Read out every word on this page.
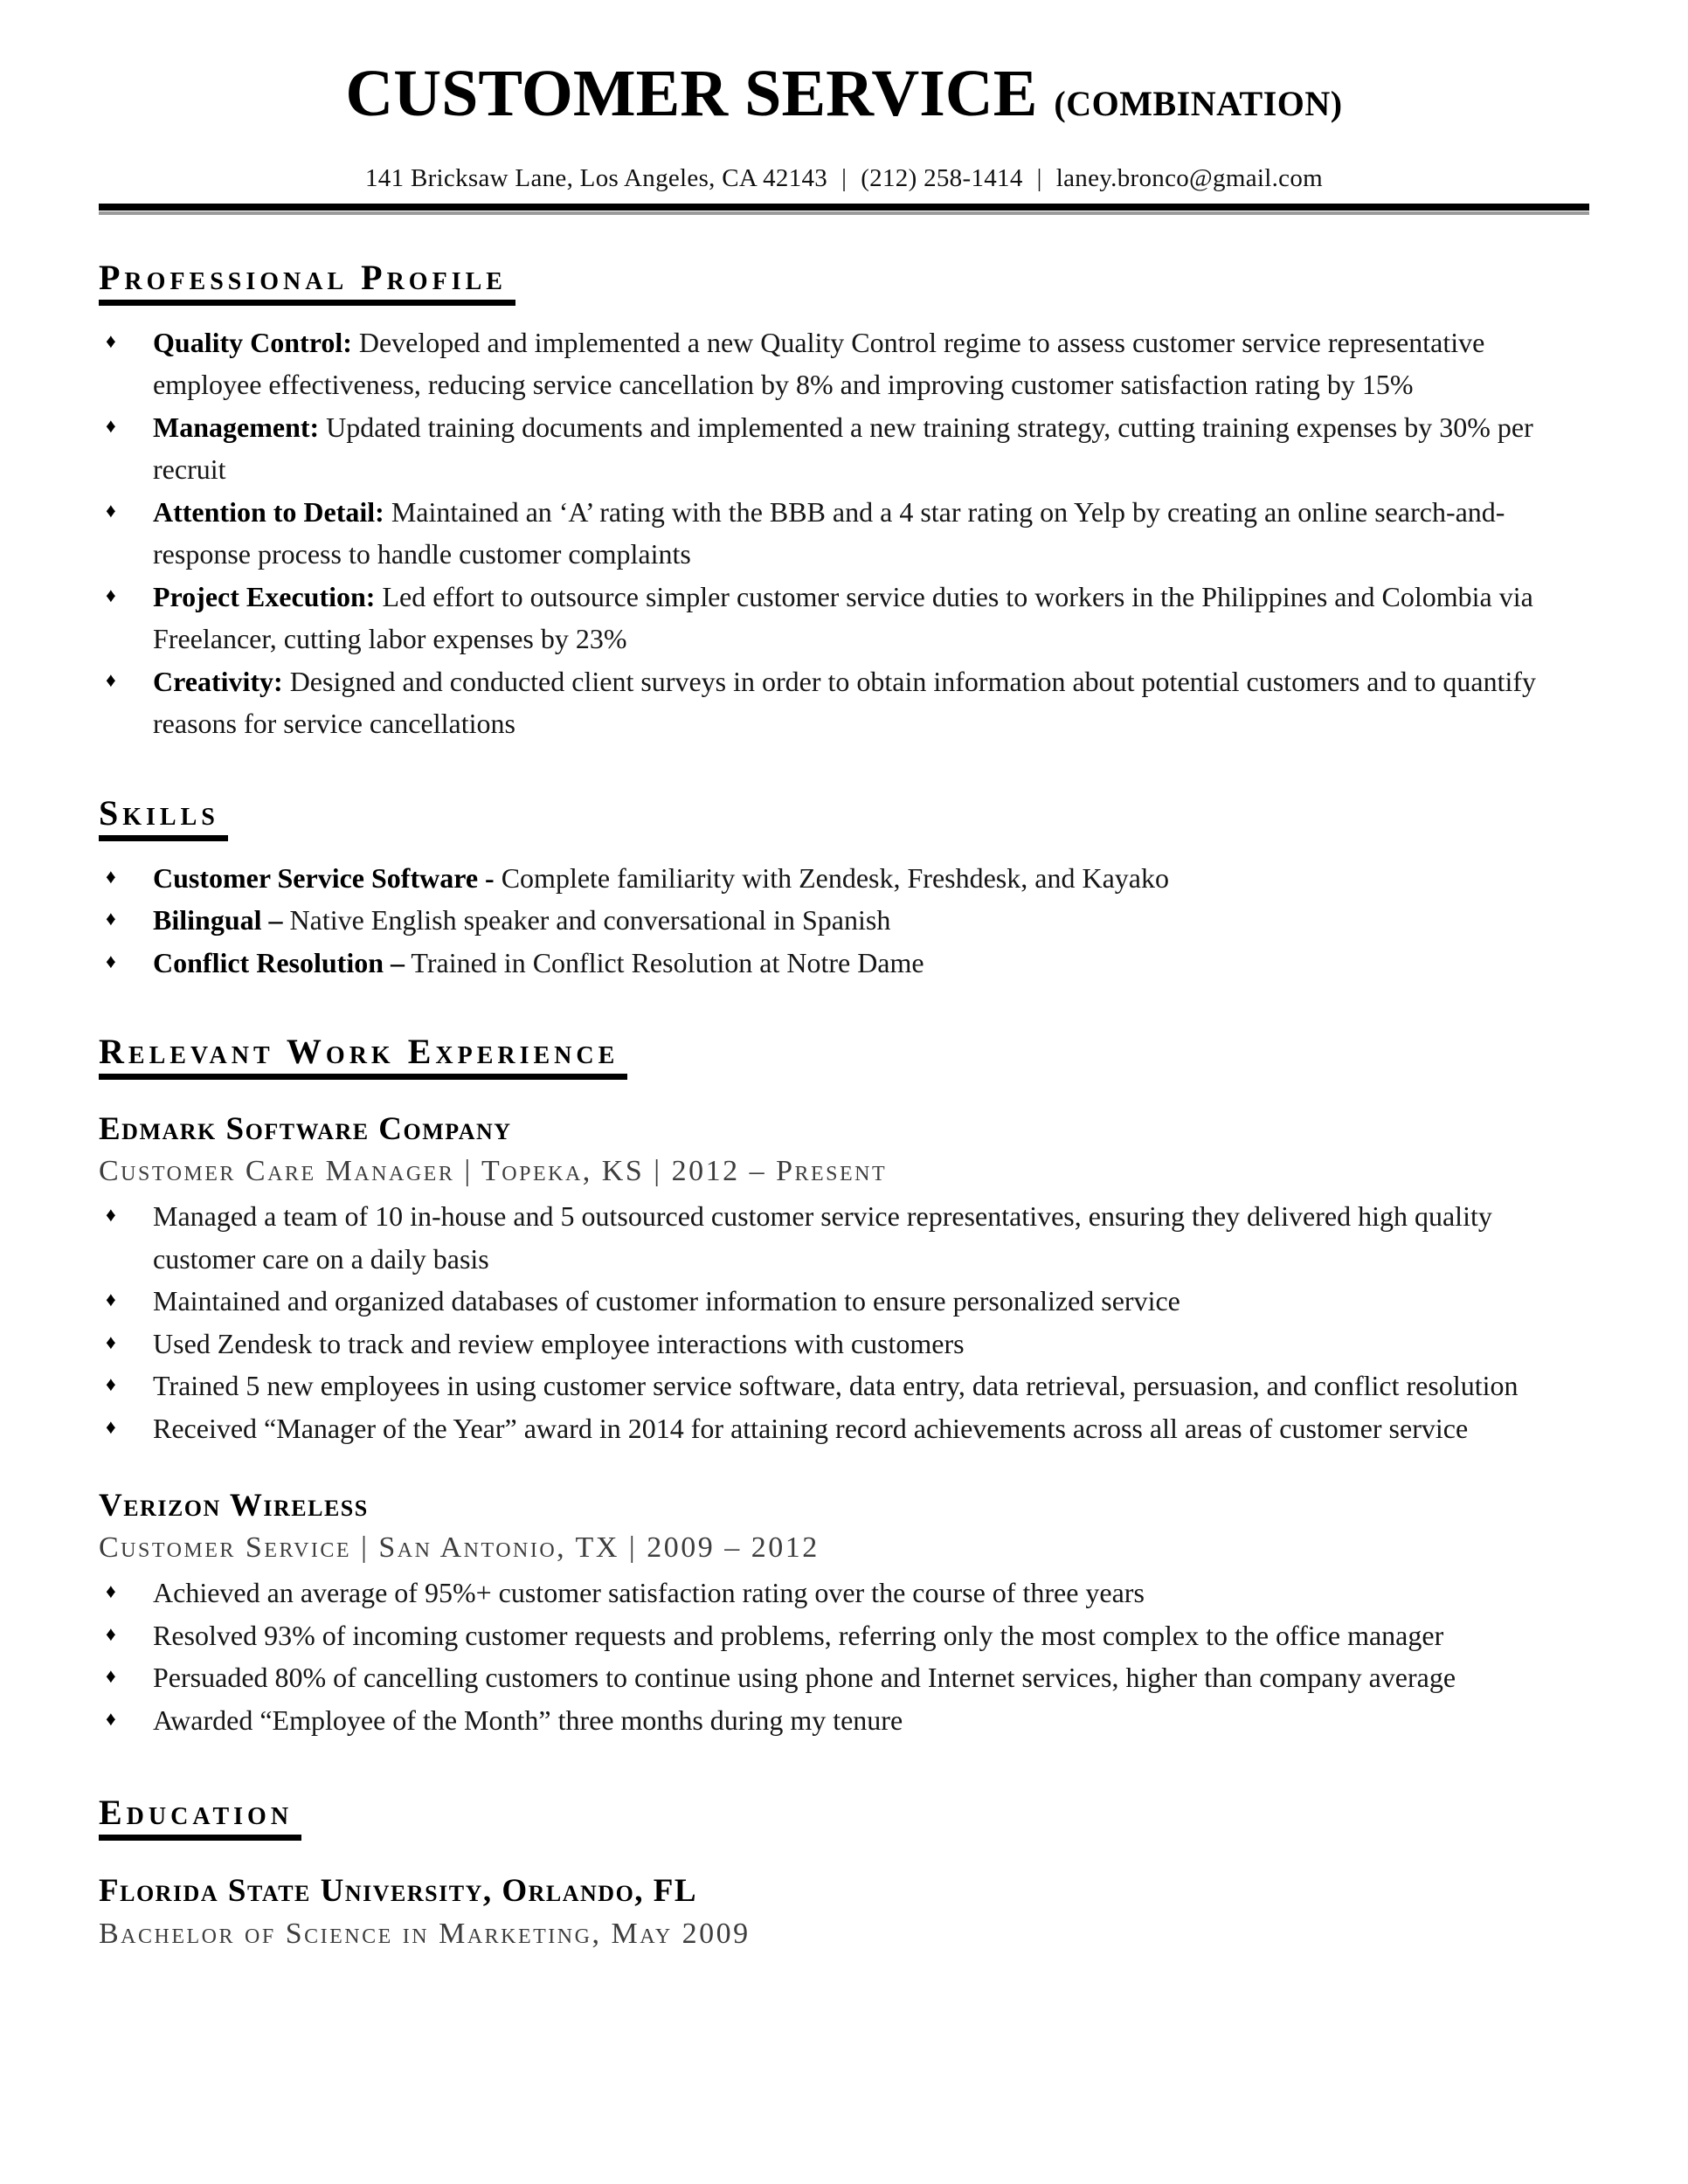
CUSTOMER SERVICE (COMBINATION)
141 Bricksaw Lane, Los Angeles, CA 42143 | (212) 258-1414 | laney.bronco@gmail.com
Professional Profile
♦ Quality Control: Developed and implemented a new Quality Control regime to assess customer service representative employee effectiveness, reducing service cancellation by 8% and improving customer satisfaction rating by 15%
♦ Management: Updated training documents and implemented a new training strategy, cutting training expenses by 30% per recruit
♦ Attention to Detail: Maintained an ‘A’ rating with the BBB and a 4 star rating on Yelp by creating an online search-and-response process to handle customer complaints
♦ Project Execution: Led effort to outsource simpler customer service duties to workers in the Philippines and Colombia via Freelancer, cutting labor expenses by 23%
♦ Creativity: Designed and conducted client surveys in order to obtain information about potential customers and to quantify reasons for service cancellations
Skills
♦ Customer Service Software - Complete familiarity with Zendesk, Freshdesk, and Kayako
♦ Bilingual – Native English speaker and conversational in Spanish
♦ Conflict Resolution – Trained in Conflict Resolution at Notre Dame
Relevant Work Experience
Edmark Software Company
Customer Care Manager | Topeka, KS | 2012 – Present
♦ Managed a team of 10 in-house and 5 outsourced customer service representatives, ensuring they delivered high quality customer care on a daily basis
♦ Maintained and organized databases of customer information to ensure personalized service
♦ Used Zendesk to track and review employee interactions with customers
♦ Trained 5 new employees in using customer service software, data entry, data retrieval, persuasion, and conflict resolution
♦ Received “Manager of the Year” award in 2014 for attaining record achievements across all areas of customer service
Verizon Wireless
Customer Service | San Antonio, TX | 2009 – 2012
♦ Achieved an average of 95%+ customer satisfaction rating over the course of three years
♦ Resolved 93% of incoming customer requests and problems, referring only the most complex to the office manager
♦ Persuaded 80% of cancelling customers to continue using phone and Internet services, higher than company average
♦ Awarded “Employee of the Month” three months during my tenure
Education
Florida State University, Orlando, FL
Bachelor of Science in Marketing, May 2009
